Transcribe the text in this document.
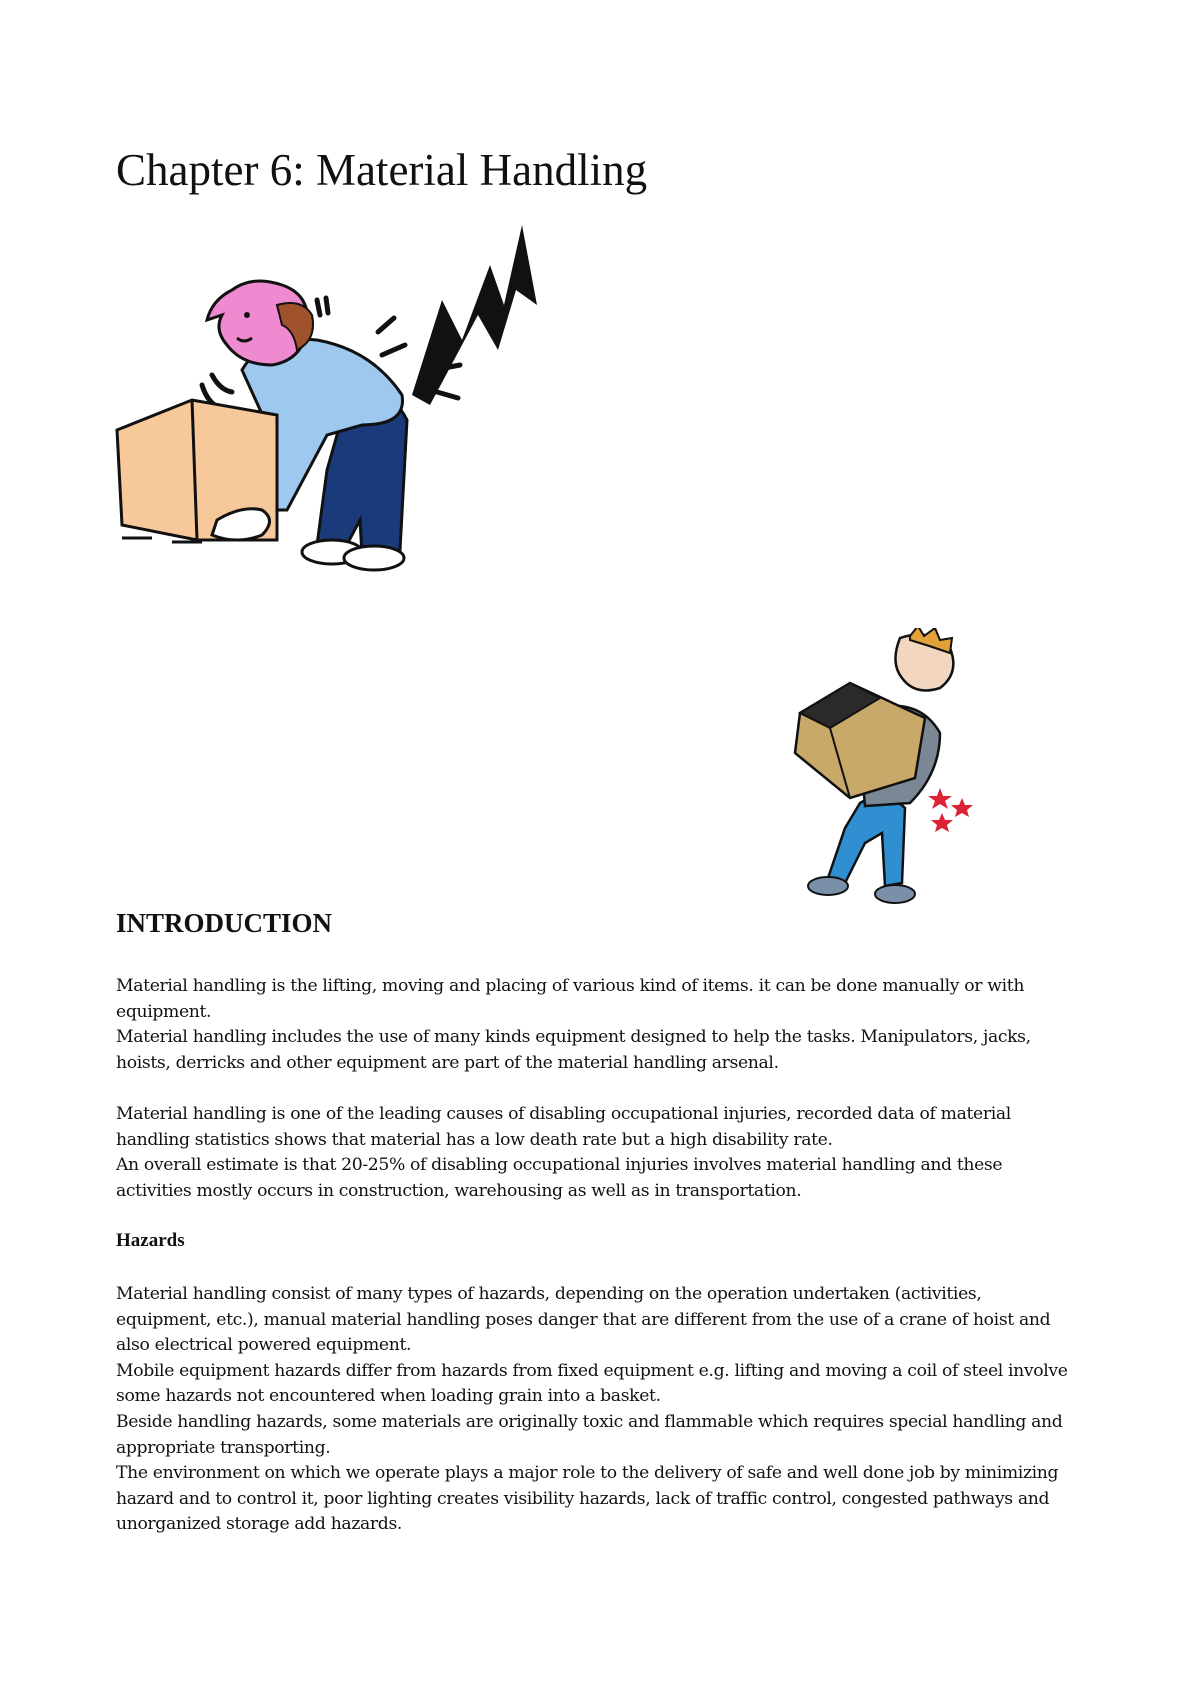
Chapter 6: Material Handling
INTRODUCTION

Material handling is the lifting, moving and placing of various kind of items. it can be done manually or with equipment.

Material handling includes the use of many kinds equipment designed to help the tasks. Manipulators, jacks, hoists, derricks and other equipment are part of the material handling arsenal.

Material handling is one of the leading causes of disabling occupational injuries, recorded data of material handling statistics shows that material has a low death rate but a high disability rate.

An overall estimate is that 20-25% of disabling occupational injuries involves material handling and these activities mostly occurs in construction, warehousing as well as in transportation.

Hazards

Material handling consist of many types of hazards, depending on the operation undertaken (activities, equipment, etc.), manual material handling poses danger that are different from the use of a crane of hoist and also electrical powered equipment.

Mobile equipment hazards differ from hazards from fixed equipment e.g. lifting and moving a coil of steel involve some hazards not encountered when loading grain into a basket.

Beside handling hazards, some materials are originally toxic and flammable which requires special handling and appropriate transporting.

The environment on which we operate plays a major role to the delivery of safe and well done job by minimizing hazard and to control it, poor lighting creates visibility hazards, lack of traffic control, congested pathways and unorganized storage add hazards.
